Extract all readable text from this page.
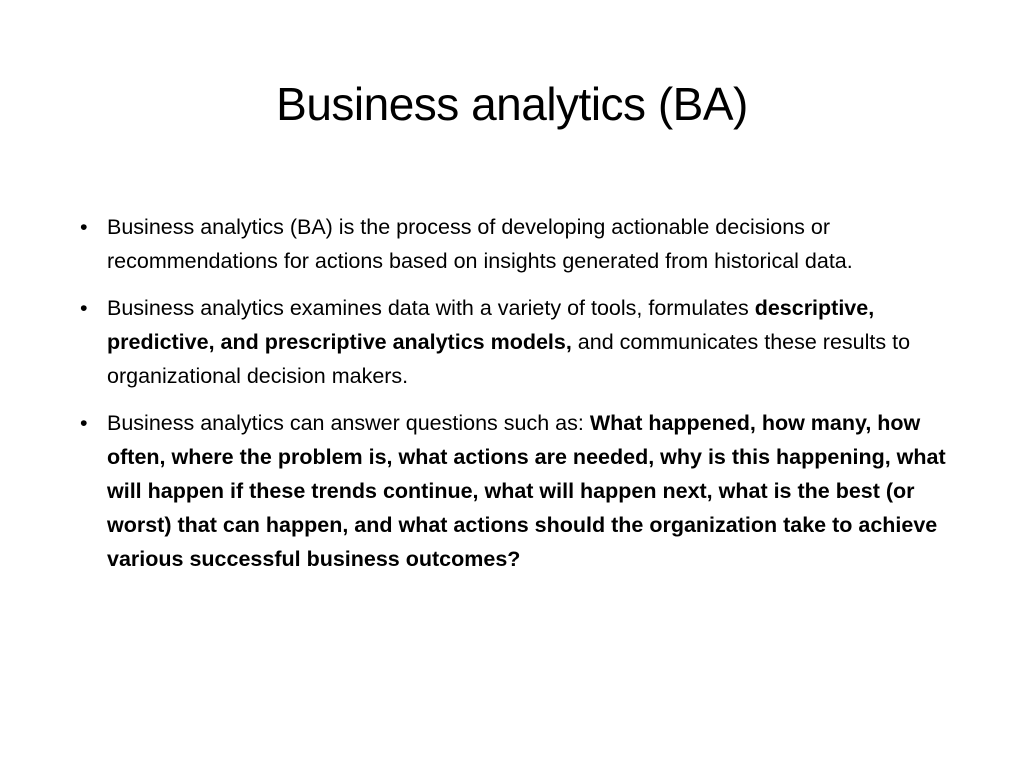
Business analytics (BA)
• Business analytics (BA) is the process of developing actionable decisions or recommendations for actions based on insights generated from historical data.
• Business analytics examines data with a variety of tools, formulates descriptive, predictive, and prescriptive analytics models, and communicates these results to organizational decision makers.
• Business analytics can answer questions such as: What happened, how many, how often, where the problem is, what actions are needed, why is this happening, what will happen if these trends continue, what will happen next, what is the best (or worst) that can happen, and what actions should the organization take to achieve various successful business outcomes?
